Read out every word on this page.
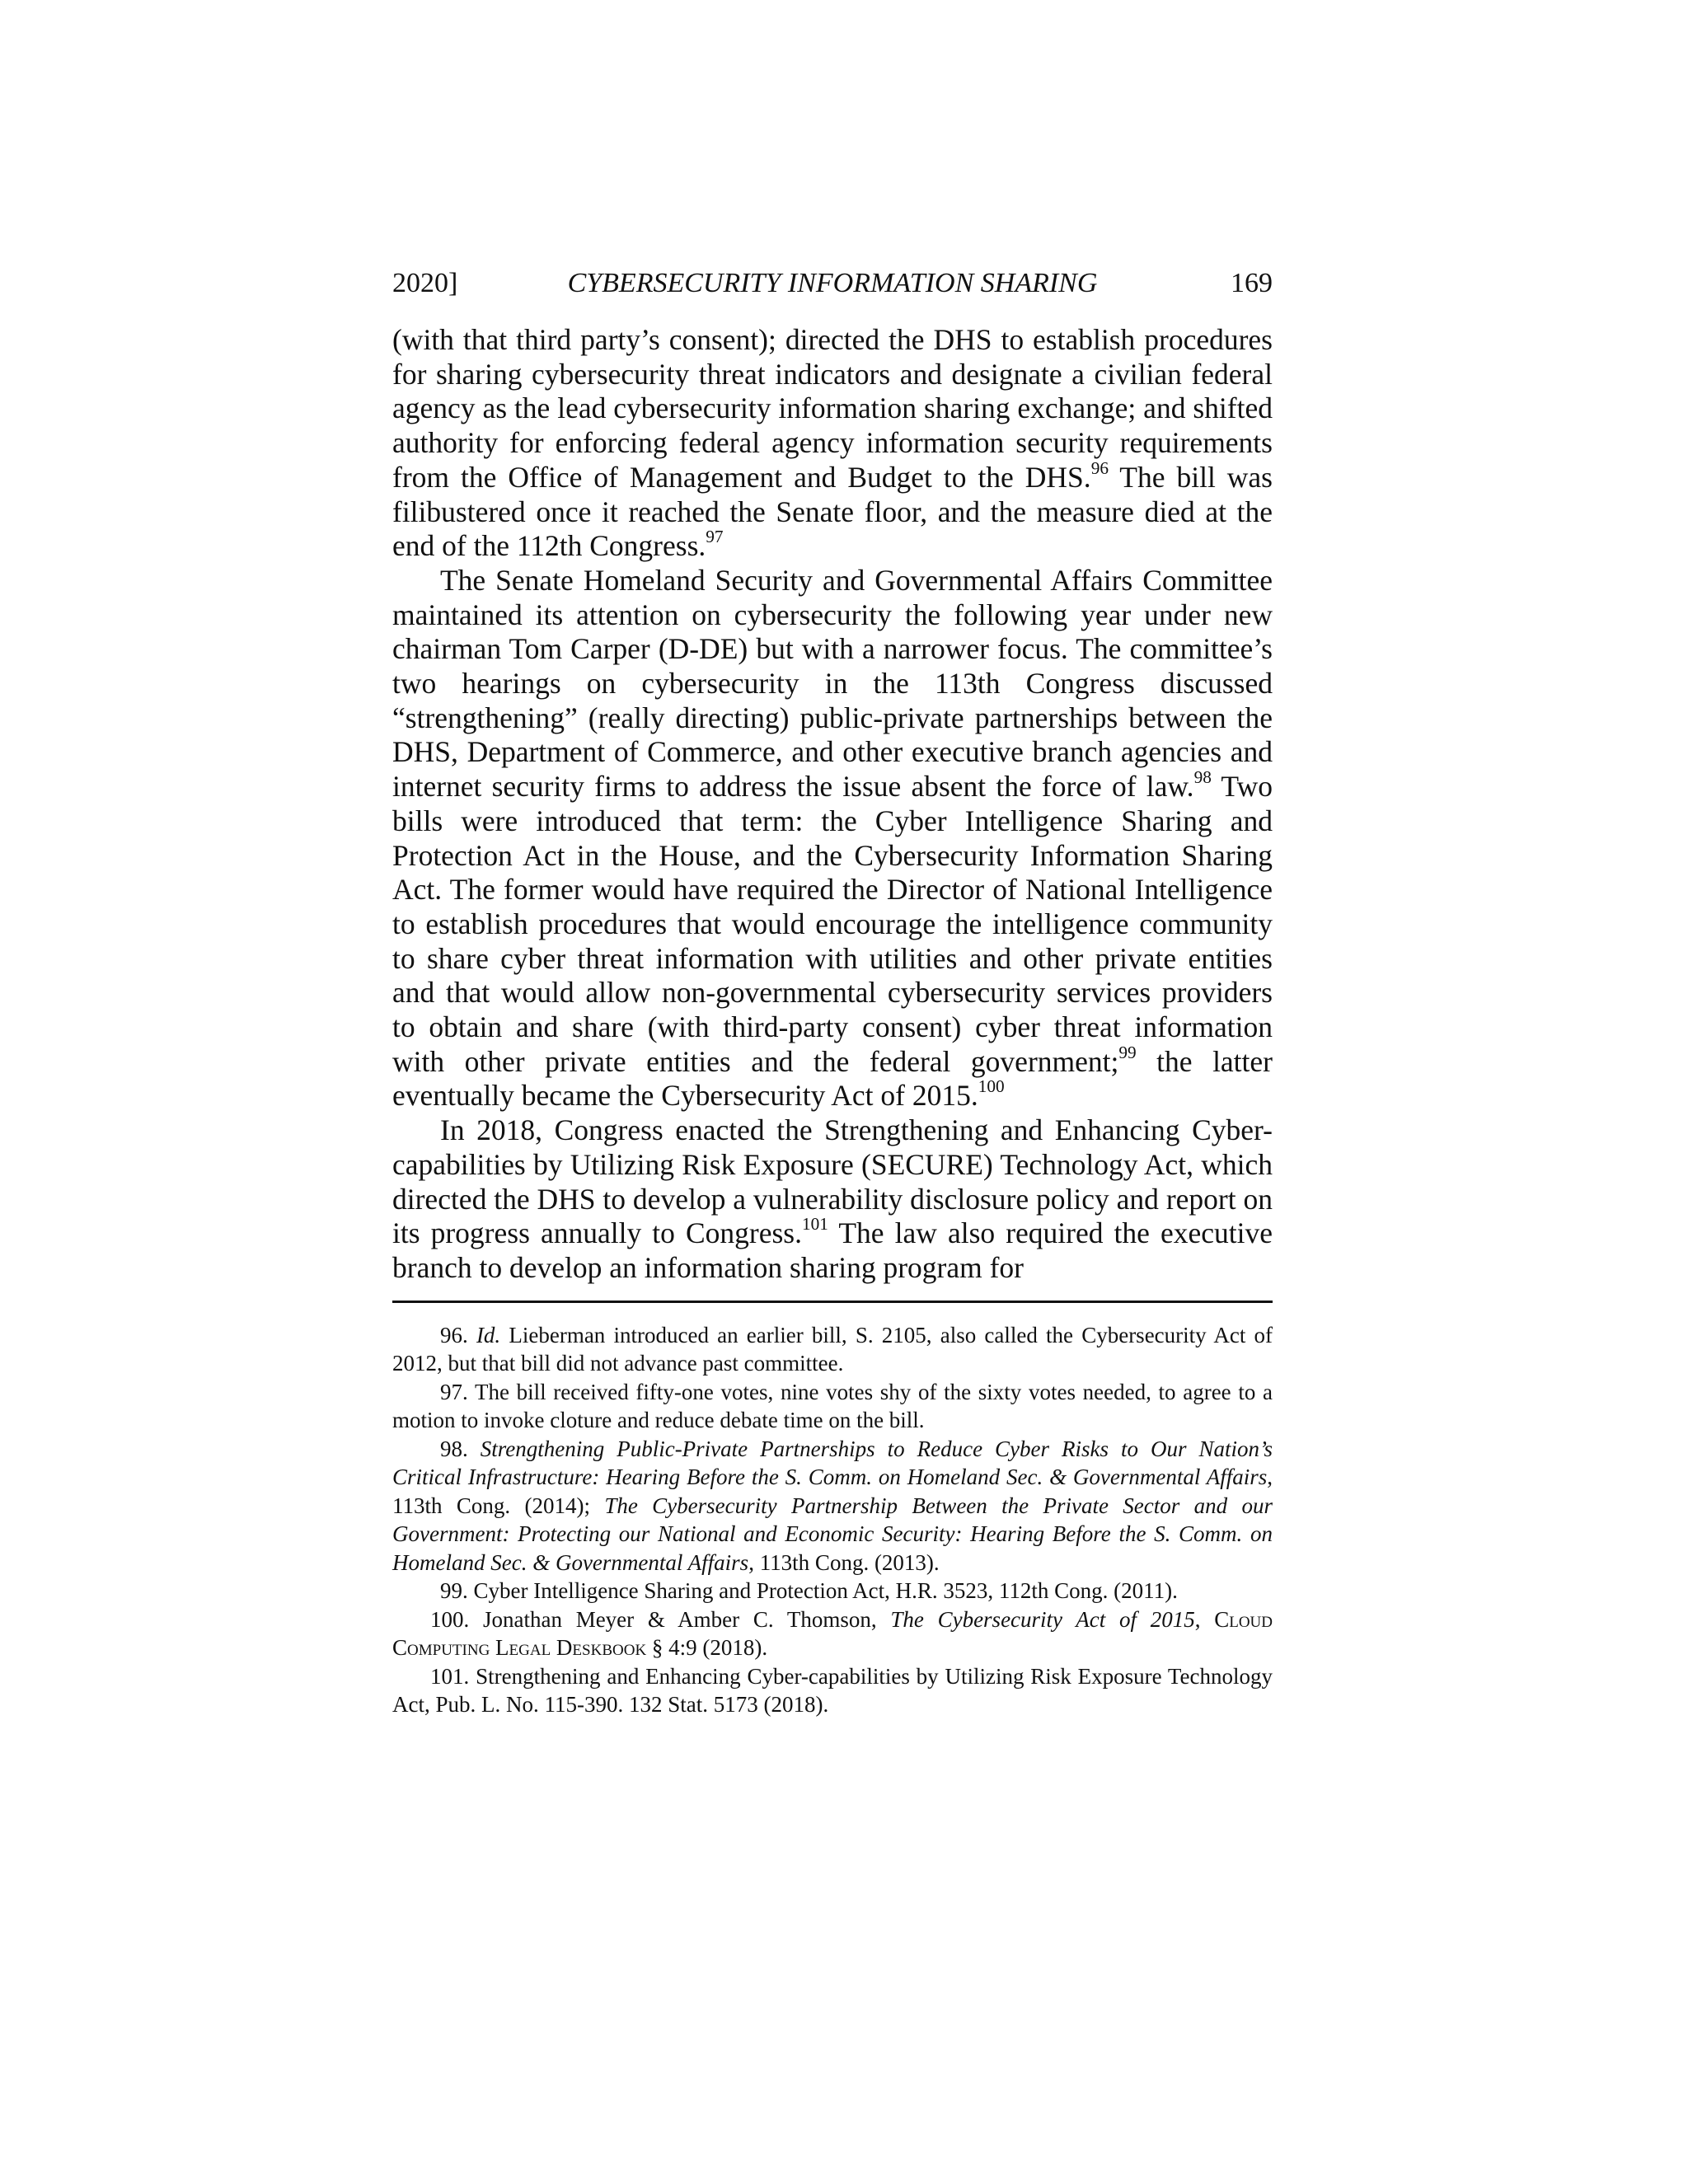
2020]	CYBERSECURITY INFORMATION SHARING	169

(with that third party’s consent); directed the DHS to establish procedures for sharing cybersecurity threat indicators and designate a civilian federal agency as the lead cybersecurity information sharing exchange; and shifted authority for enforcing federal agency information security requirements from the Office of Management and Budget to the DHS.$^{96}$ The bill was filibustered once it reached the Senate floor, and the measure died at the end of the 112th Congress.$^{97}$

The Senate Homeland Security and Governmental Affairs Committee maintained its attention on cybersecurity the following year under new chairman Tom Carper (D-DE) but with a narrower focus. The committee’s two hearings on cybersecurity in the 113th Congress discussed “strengthening” (really directing) public-private partnerships between the DHS, Department of Commerce, and other executive branch agencies and internet security firms to address the issue absent the force of law.$^{98}$ Two bills were introduced that term: the Cyber Intelligence Sharing and Protection Act in the House, and the Cybersecurity Information Sharing Act. The former would have required the Director of National Intelligence to establish procedures that would encourage the intelligence community to share cyber threat information with utilities and other private entities and that would allow non-governmental cybersecurity services providers to obtain and share (with third-party consent) cyber threat information with other private entities and the federal government;$^{99}$ the latter eventually became the Cybersecurity Act of 2015.$^{100}$

In 2018, Congress enacted the Strengthening and Enhancing Cyber-capabilities by Utilizing Risk Exposure (SECURE) Technology Act, which directed the DHS to develop a vulnerability disclosure policy and report on its progress annually to Congress.$^{101}$ The law also required the executive branch to develop an information sharing program for

96. Id. Lieberman introduced an earlier bill, S. 2105, also called the Cybersecurity Act of 2012, but that bill did not advance past committee.

97. The bill received fifty-one votes, nine votes shy of the sixty votes needed, to agree to a motion to invoke cloture and reduce debate time on the bill.

98. Strengthening Public-Private Partnerships to Reduce Cyber Risks to Our Nation’s Critical Infrastructure: Hearing Before the S. Comm. on Homeland Sec. & Governmental Affairs, 113th Cong. (2014); The Cybersecurity Partnership Between the Private Sector and our Government: Protecting our National and Economic Security: Hearing Before the S. Comm. on Homeland Sec. & Governmental Affairs, 113th Cong. (2013).

99. Cyber Intelligence Sharing and Protection Act, H.R. 3523, 112th Cong. (2011).

100. Jonathan Meyer & Amber C. Thomson, The Cybersecurity Act of 2015, Cloud Computing Legal Deskbook § 4:9 (2018).

101. Strengthening and Enhancing Cyber-capabilities by Utilizing Risk Exposure Technology Act, Pub. L. No. 115-390. 132 Stat. 5173 (2018).
